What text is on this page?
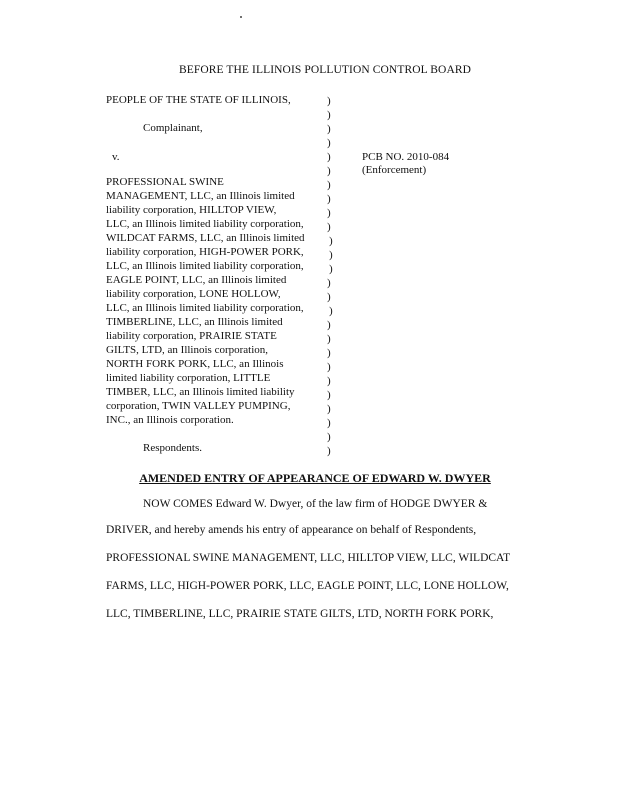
BEFORE THE ILLINOIS POLLUTION CONTROL BOARD
PEOPLE OF THE STATE OF ILLINOIS,
Complainant,
v.
PROFESSIONAL SWINE
MANAGEMENT, LLC, an Illinois limited
liability corporation, HILLTOP VIEW,
LLC, an Illinois limited liability corporation,
WILDCAT FARMS, LLC, an Illinois limited
liability corporation, HIGH-POWER PORK,
LLC, an Illinois limited liability corporation,
EAGLE POINT, LLC, an Illinois limited
liability corporation, LONE HOLLOW,
LLC, an Illinois limited liability corporation,
TIMBERLINE, LLC, an Illinois limited
liability corporation, PRAIRIE STATE
GILTS, LTD, an Illinois corporation,
NORTH FORK PORK, LLC, an Illinois
limited liability corporation, LITTLE
TIMBER, LLC, an Illinois limited liability
corporation, TWIN VALLEY PUMPING,
INC., an Illinois corporation.
Respondents.
)
)
)
)
)
)
)
)
)
)
)
)
)
)
)
)
)
)
)
)
)
)
)
)
)
)
PCB NO. 2010-084
(Enforcement)
AMENDED ENTRY OF APPEARANCE OF EDWARD W. DWYER
NOW COMES Edward W. Dwyer, of the law firm of HODGE DWYER &
DRIVER, and hereby amends his entry of appearance on behalf of Respondents,
PROFESSIONAL SWINE MANAGEMENT, LLC, HILLTOP VIEW, LLC, WILDCAT
FARMS, LLC, HIGH-POWER PORK, LLC, EAGLE POINT, LLC, LONE HOLLOW,
LLC, TIMBERLINE, LLC, PRAIRIE STATE GILTS, LTD, NORTH FORK PORK,
